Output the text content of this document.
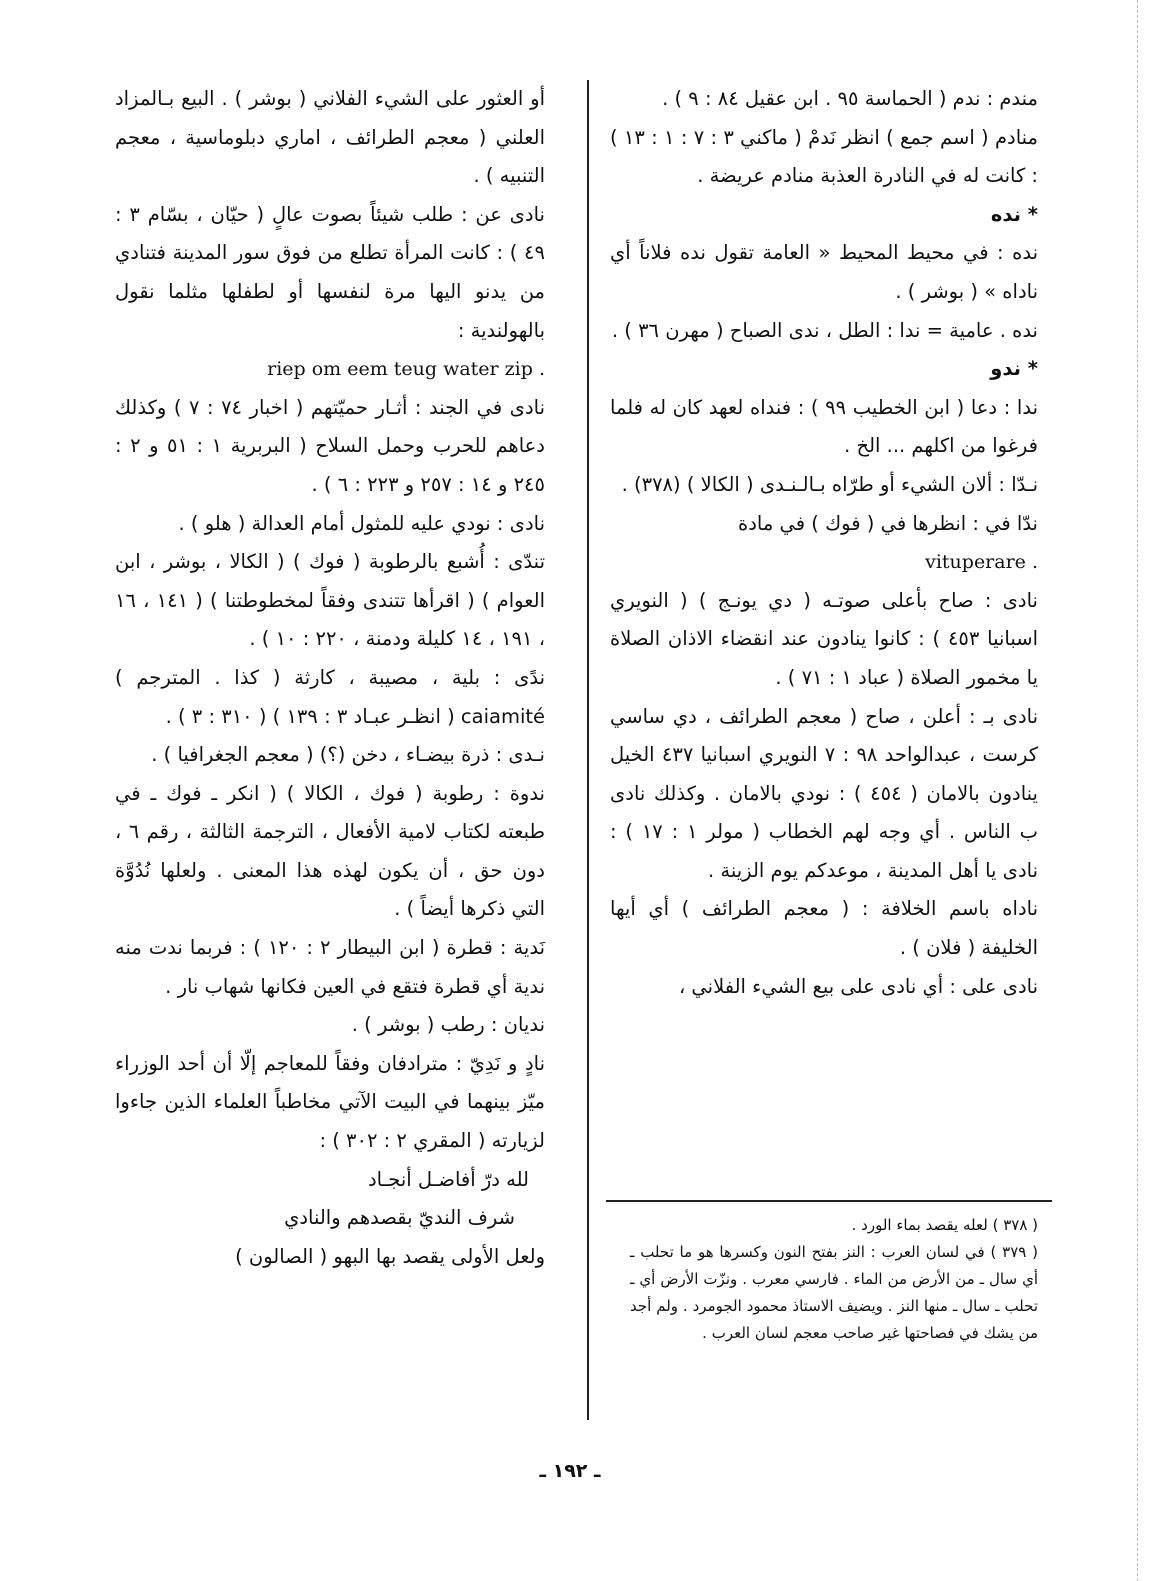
مندم : ندم ( الحماسة ٩٥ . ابن عقيل ٨٤ : ٩ ) .

منادم ( اسم جمع ) انظر نَدمْ ( ماكني ٣ : ٧ : ١ : ١٣ ) : كانت له في النادرة العذبة منادم عريضة .

* نده

نده : في محيط المحيط « العامة تقول نده فلاناً أي ناداه » ( بوشر ) .

نده . عامية = ندا : الطل ، ندى الصباح ( مهرن ٣٦ ) .

* ندو

ندا : دعا ( ابن الخطيب ٩٩ ) : فنداه لعهد كان له فلما فرغوا من اكلهم ... الخ .

نـدّا : ألان الشيء أو طرّاه بـالـنـدى ( الكالا ) (٣٧٨) .

ندّا في : انظرها في ( فوك ) في مادة

vituperare .

نادى : صاح بأعلى صوتـه ( دي يونـج ) ( النويري اسبانيا ٤٥٣ ) : كانوا ينادون عند انقضاء الاذان الصلاة يا مخمور الصلاة ( عباد ١ : ٧١ ) .

نادى بـ : أعلن ، صاح ( معجم الطرائف ، دي ساسي كرست ، عبدالواحد ٩٨ : ٧ النويري اسبانيا ٤٣٧ الخيل ينادون بالامان ( ٤٥٤ ) : نودي بالامان . وكذلك نادى ب الناس . أي وجه لهم الخطاب ( مولر ١ : ١٧ ) : نادى يا أهل المدينة ، موعدكم يوم الزينة .

ناداه باسم الخلافة : ( معجم الطرائف ) أي أيها الخليفة ( فلان ) .

نادى على : أي نادى على بيع الشيء الفلاني ،

أو العثور على الشيء الفلاني ( بوشر ) . البيع بـالمزاد العلني ( معجم الطرائف ، اماري دبلوماسية ، معجم التنبيه ) .

نادى عن : طلب شيئاً بصوت عالٍ ( حيّان ، بسّام ٣ : ٤٩ ) : كانت المرأة تطلع من فوق سور المدينة فتنادي من يدنو اليها مرة لنفسها أو لطفلها مثلما نقول بالهولندية :

riep om eem teug water zip .

نادى في الجند : أثـار حميّتهم ( اخبار ٧٤ : ٧ ) وكذلك دعاهم للحرب وحمل السلاح ( البربرية ١ : ٥١ و ٢ : ٢٤٥ و ١٤ : ٢٥٧ و ٢٢٣ : ٦ ) .

نادى : نودي عليه للمثول أمام العدالة ( هلو ) .

تندّى : أُشبع بالرطوبة ( فوك ) ( الكالا ، بوشر ، ابن العوام ) ( اقرأها تتندى وفقاً لمخطوطتنا ) ( ١٤١ ، ١٦ ، ١٩١ ، ١٤ كليلة ودمنة ، ٢٢٠ : ١٠ ) .

ندًى : بلية ، مصيبة ، كارثة ( كذا . المترجم ) caiamité ( انظـر عبـاد ٣ : ١٣٩ ) ( ٣١٠ : ٣ ) .

نـدى : ذرة بيضـاء ، دخن (؟) ( معجم الجغرافيا ) .

ندوة : رطوبة ( فوك ، الكالا ) ( انكر ـ فوك ـ في طبعته لكتاب لامية الأفعال ، الترجمة الثالثة ، رقم ٦ ، دون حق ، أن يكون لهذه هذا المعنى . ولعلها نُدُوَّة التي ذكرها أيضاً ) .

نَدية : قطرة ( ابن البيطار ٢ : ١٢٠ ) : فربما ندت منه ندية أي قطرة فتقع في العين فكانها شهاب نار .

نديان : رطب ( بوشر ) .

نادٍ و نَدِيّ : مترادفان وفقاً للمعاجم إلّا أن أحد الوزراء ميّز بينهما في البيت الآتي مخاطباً العلماء الذين جاءوا لزيارته ( المقري ٢ : ٣٠٢ ) :

لله درّ أفاضـل أنجـاد

شرف النديّ بقصدهم والنادي

ولعل الأولى يقصد بها البهو ( الصالون )

( ٣٧٨ ) لعله يقصد بماء الورد .

( ٣٧٩ ) في لسان العرب : النز بفتح النون وكسرها هو ما تحلب ـ أي سال ـ من الأرض من الماء . فارسي معرب . ونزّت الأرض أي ـ تحلب ـ سال ـ منها النز . ويضيف الاستاذ محمود الجومرد . ولم أجد من يشك في فصاحتها غير صاحب معجم لسان العرب .

ـ ١٩٢ ـ
